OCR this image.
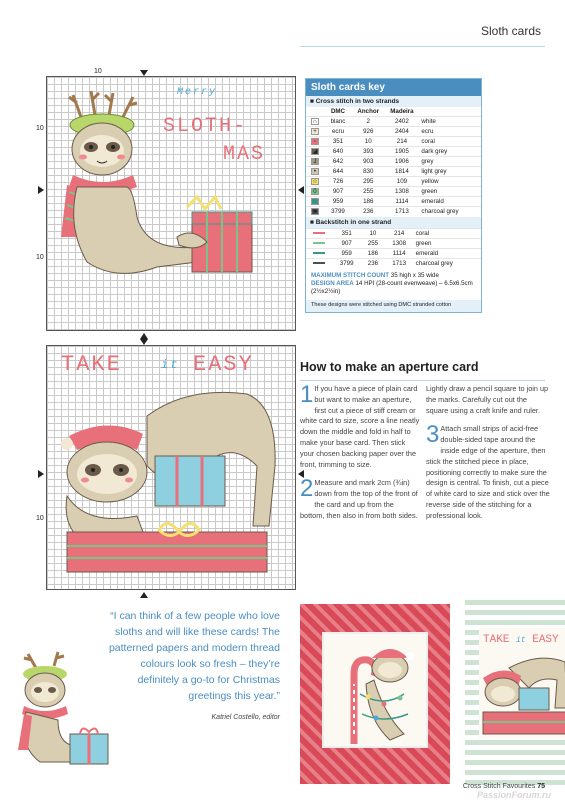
Sloth cards
10
10
10
Merry
SLOTH-
MAS
10
TAKE	it EASY
Sloth cards key
■ Cross stitch in two strands
	DMC	Anchor	Madeira	
∩	blanc	2	2402	white
+	ecru	926	2404	ecru
▫	351	10	214	coral
◢	640	393	1905	dark grey
J	642	903	1906	grey
•	644	830	1814	light grey
☆	726	295	109	yellow
0	907	255	1308	green
◌	959	186	1114	emerald
■	3799	236	1713	charcoal grey
■ Backstitch in one strand
	351	10	214	coral
	907	255	1308	green
	959	186	1114	emerald
	3799	236	1713	charcoal grey
MAXIMUM STITCH COUNT 35 high x 35 wide
DESIGN AREA 14 HPI (28-count evenweave) – 6.5x6.5cm (2½x2½in)
These designs were stitched using DMC stranded cotton
How to make an aperture card
1 If you have a piece of plain card but want to make an aperture, first cut a piece of stiff cream or white card to size, score a line neatly down the middle and fold in half to make your base card. Then stick your chosen backing paper over the front, trimming to size.
2 Measure and mark 2cm (¾in) down from the top of the front of the card and up from the bottom, then also in from both sides.
Lightly draw a pencil square to join up the marks. Carefully cut out the square using a craft knife and ruler.
3 Attach small strips of acid-free double-sided tape around the inside edge of the aperture, then stick the stitched piece in place, positioning correctly to make sure the design is central. To finish, cut a piece of white card to size and stick over the reverse side of the stitching for a professional look.
“I can think of a few people who love sloths and will like these cards! The patterned papers and modern thread colours look so fresh – they’re definitely a go-to for Christmas greetings this year.”
Katriel Costello, editor
TAKE it EASY
Cross Stitch Favourites 75
PassionForum.ru
